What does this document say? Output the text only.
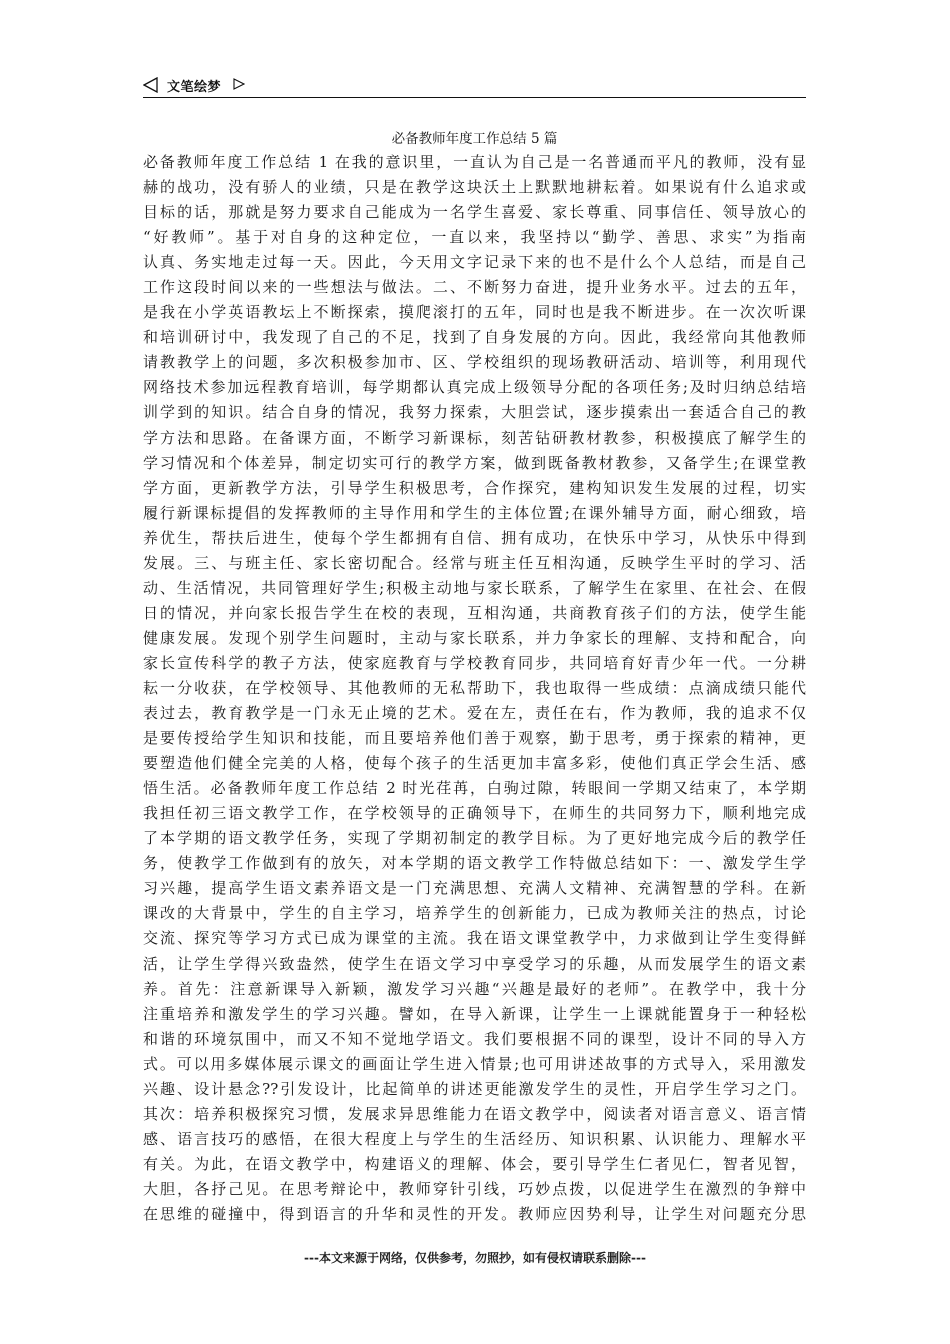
文笔绘梦
必备教师年度工作总结 5 篇
必备教师年度工作总结 1 在我的意识里，一直认为自己是一名普通而平凡的教师，没有显
赫的战功，没有骄人的业绩，只是在教学这块沃土上默默地耕耘着。如果说有什么追求或
目标的话，那就是努力要求自己能成为一名学生喜爱、家长尊重、同事信任、领导放心的
“好教师”。基于对自身的这种定位，一直以来，我坚持以“勤学、善思、求实”为指南
认真、务实地走过每一天。因此，今天用文字记录下来的也不是什么个人总结，而是自己
工作这段时间以来的一些想法与做法。二、不断努力奋进，提升业务水平。过去的五年，
是我在小学英语教坛上不断探索，摸爬滚打的五年，同时也是我不断进步。在一次次听课
和培训研讨中，我发现了自己的不足，找到了自身发展的方向。因此，我经常向其他教师
请教教学上的问题，多次积极参加市、区、学校组织的现场教研活动、培训等，利用现代
网络技术参加远程教育培训，每学期都认真完成上级领导分配的各项任务;及时归纳总结培
训学到的知识。结合自身的情况，我努力探索，大胆尝试，逐步摸索出一套适合自己的教
学方法和思路。在备课方面，不断学习新课标，刻苦钻研教材教参，积极摸底了解学生的
学习情况和个体差异，制定切实可行的教学方案，做到既备教材教参，又备学生;在课堂教
学方面，更新教学方法，引导学生积极思考，合作探究，建构知识发生发展的过程，切实
履行新课标提倡的发挥教师的主导作用和学生的主体位置;在课外辅导方面，耐心细致，培
养优生，帮扶后进生，使每个学生都拥有自信、拥有成功，在快乐中学习，从快乐中得到
发展。三、与班主任、家长密切配合。经常与班主任互相沟通，反映学生平时的学习、活
动、生活情况，共同管理好学生;积极主动地与家长联系，了解学生在家里、在社会、在假
日的情况，并向家长报告学生在校的表现，互相沟通，共商教育孩子们的方法，使学生能
健康发展。发现个别学生问题时，主动与家长联系，并力争家长的理解、支持和配合，向
家长宣传科学的教子方法，使家庭教育与学校教育同步，共同培育好青少年一代。一分耕
耘一分收获，在学校领导、其他教师的无私帮助下，我也取得一些成绩：点滴成绩只能代
表过去，教育教学是一门永无止境的艺术。爱在左，责任在右，作为教师，我的追求不仅
是要传授给学生知识和技能，而且要培养他们善于观察，勤于思考，勇于探索的精神，更
要塑造他们健全完美的人格，使每个孩子的生活更加丰富多彩，使他们真正学会生活、感
悟生活。必备教师年度工作总结 2 时光荏苒，白驹过隙，转眼间一学期又结束了，本学期
我担任初三语文教学工作，在学校领导的正确领导下，在师生的共同努力下，顺利地完成
了本学期的语文教学任务，实现了学期初制定的教学目标。为了更好地完成今后的教学任
务，使教学工作做到有的放矢，对本学期的语文教学工作特做总结如下：一、激发学生学
习兴趣，提高学生语文素养语文是一门充满思想、充满人文精神、充满智慧的学科。在新
课改的大背景中，学生的自主学习，培养学生的创新能力，已成为教师关注的热点，讨论
交流、探究等学习方式已成为课堂的主流。我在语文课堂教学中，力求做到让学生变得鲜
活，让学生学得兴致盎然，使学生在语文学习中享受学习的乐趣，从而发展学生的语文素
养。首先：注意新课导入新颖，激发学习兴趣“兴趣是最好的老师”。在教学中，我十分
注重培养和激发学生的学习兴趣。譬如，在导入新课，让学生一上课就能置身于一种轻松
和谐的环境氛围中，而又不知不觉地学语文。我们要根据不同的课型，设计不同的导入方
式。可以用多媒体展示课文的画面让学生进入情景;也可用讲述故事的方式导入，采用激发
兴趣、设计悬念??引发设计，比起简单的讲述更能激发学生的灵性，开启学生学习之门。
其次：培养积极探究习惯，发展求异思维能力在语文教学中，阅读者对语言意义、语言情
感、语言技巧的感悟，在很大程度上与学生的生活经历、知识积累、认识能力、理解水平
有关。为此，在语文教学中，构建语义的理解、体会，要引导学生仁者见仁，智者见智，
大胆，各抒己见。在思考辩论中，教师穿针引线，巧妙点拨，以促进学生在激烈的争辩中
在思维的碰撞中，得到语言的升华和灵性的开发。教师应因势利导，让学生对问题充分思
---本文来源于网络，仅供参考，勿照抄，如有侵权请联系删除---
